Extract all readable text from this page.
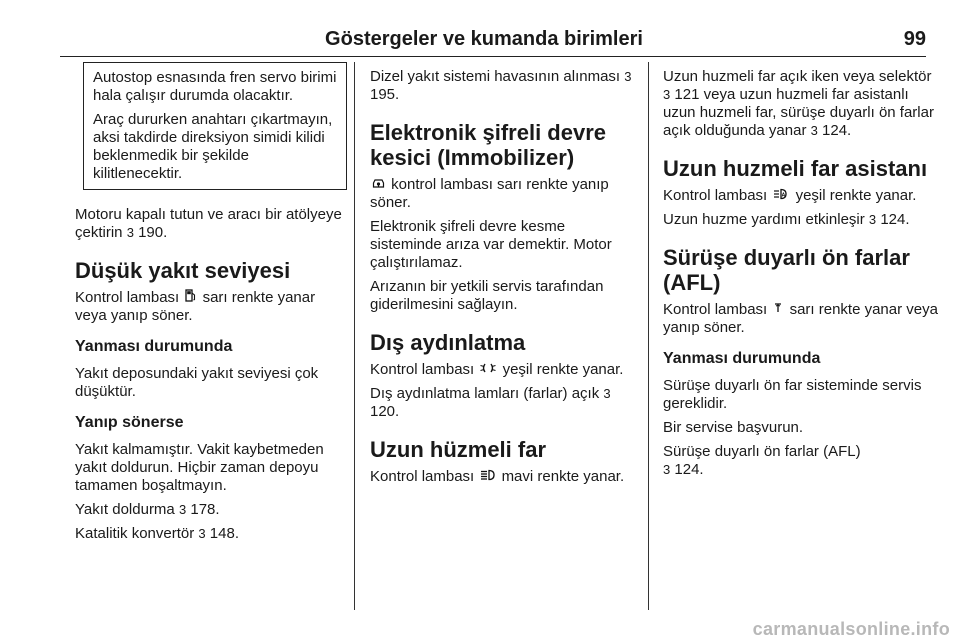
Göstergeler ve kumanda birimleri	99

Autostop esnasında fren servo birimi hala çalışır durumda olacaktır.

Araç dururken anahtarı çıkartmayın, aksi takdirde direksiyon simidi kilidi beklenmedik bir şekilde kilitlenecektir.

Motoru kapalı tutun ve aracı bir atölyeye çektirin 3 190.

Düşük yakıt seviyesi

Kontrol lambası sarı renkte yanar veya yanıp söner.

Yanması durumunda

Yakıt deposundaki yakıt seviyesi çok düşüktür.

Yanıp sönerse

Yakıt kalmamıştır. Vakit kaybetmeden yakıt doldurun. Hiçbir zaman depoyu tamamen boşaltmayın.

Yakıt doldurma 3 178.

Katalitik konvertör 3 148.

Dizel yakıt sistemi havasının alınması 3 195.

Elektronik şifreli devre kesici (Immobilizer)

kontrol lambası sarı renkte yanıp söner.

Elektronik şifreli devre kesme sisteminde arıza var demektir. Motor çalıştırılamaz.

Arızanın bir yetkili servis tarafından giderilmesini sağlayın.

Dış aydınlatma

Kontrol lambası yeşil renkte yanar.

Dış aydınlatma lamları (farlar) açık 3 120.

Uzun hüzmeli far

Kontrol lambası mavi renkte yanar.

Uzun huzmeli far açık iken veya selektör 3 121 veya uzun huzmeli far asistanlı uzun huzmeli far, sürüşe duyarlı ön farlar açık olduğunda yanar 3 124.

Uzun huzmeli far asistanı

Kontrol lambası	A yeşil renkte yanar.

Uzun huzme yardımı etkinleşir 3 124.

Sürüşe duyarlı ön farlar (AFL)

Kontrol lambası sarı renkte yanar veya yanıp söner.

Yanması durumunda

Sürüşe duyarlı ön far sisteminde servis gereklidir.

Bir servise başvurun.

Sürüşe duyarlı ön farlar (AFL)
3 124.

carmanualsonline.info
